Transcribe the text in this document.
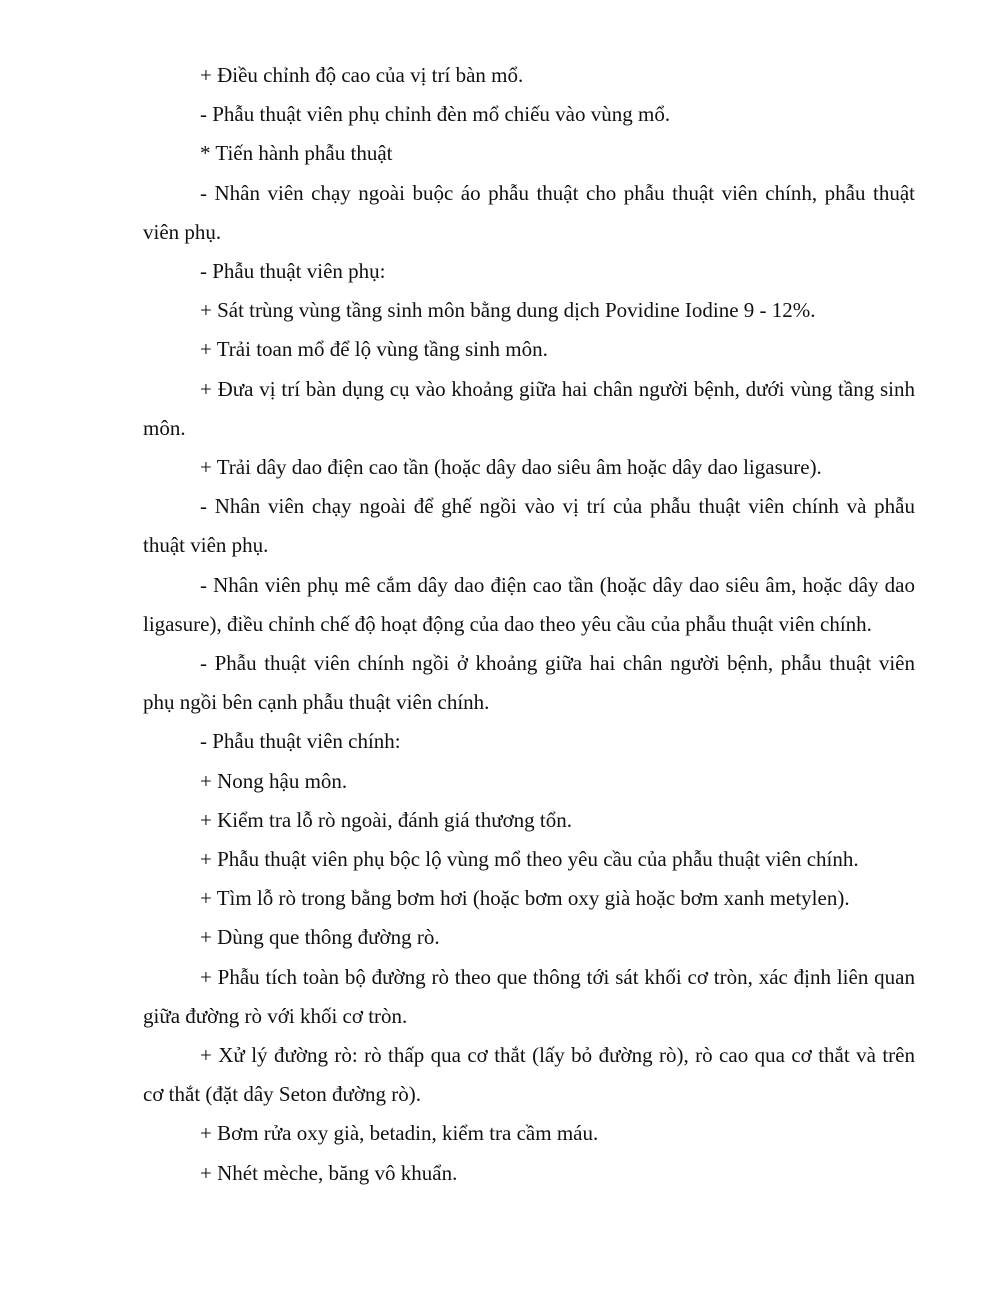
+ Điều chỉnh độ cao của vị trí bàn mổ.

- Phẫu thuật viên phụ chỉnh đèn mổ chiếu vào vùng mổ.

* Tiến hành phẫu thuật

- Nhân viên chạy ngoài buộc áo phẫu thuật cho phẫu thuật viên chính, phẫu thuật viên phụ.

- Phẫu thuật viên phụ:

+ Sát trùng vùng tầng sinh môn bằng dung dịch Povidine Iodine 9 - 12%.

+ Trải toan mổ để lộ vùng tầng sinh môn.

+ Đưa vị trí bàn dụng cụ vào khoảng giữa hai chân người bệnh, dưới vùng tầng sinh môn.

+ Trải dây dao điện cao tần (hoặc dây dao siêu âm hoặc dây dao ligasure).

- Nhân viên chạy ngoài để ghế ngồi vào vị trí của phẫu thuật viên chính và phẫu thuật viên phụ.

- Nhân viên phụ mê cắm dây dao điện cao tần (hoặc dây dao siêu âm, hoặc dây dao ligasure), điều chỉnh chế độ hoạt động của dao theo yêu cầu của phẫu thuật viên chính.

- Phẫu thuật viên chính ngồi ở khoảng giữa hai chân người bệnh, phẫu thuật viên phụ ngồi bên cạnh phẫu thuật viên chính.

- Phẫu thuật viên chính:

+ Nong hậu môn.

+ Kiểm tra lỗ rò ngoài, đánh giá thương tổn.

+ Phẫu thuật viên phụ bộc lộ vùng mổ theo yêu cầu của phẫu thuật viên chính.

+ Tìm lỗ rò trong bằng bơm hơi (hoặc bơm oxy già hoặc bơm xanh metylen).

+ Dùng que thông đường rò.

+ Phẫu tích toàn bộ đường rò theo que thông tới sát khối cơ tròn, xác định liên quan giữa đường rò với khối cơ tròn.

+ Xử lý đường rò: rò thấp qua cơ thắt (lấy bỏ đường rò), rò cao qua cơ thắt và trên cơ thắt (đặt dây Seton đường rò).

+ Bơm rửa oxy già, betadin, kiểm tra cầm máu.

+ Nhét mèche, băng vô khuẩn.
